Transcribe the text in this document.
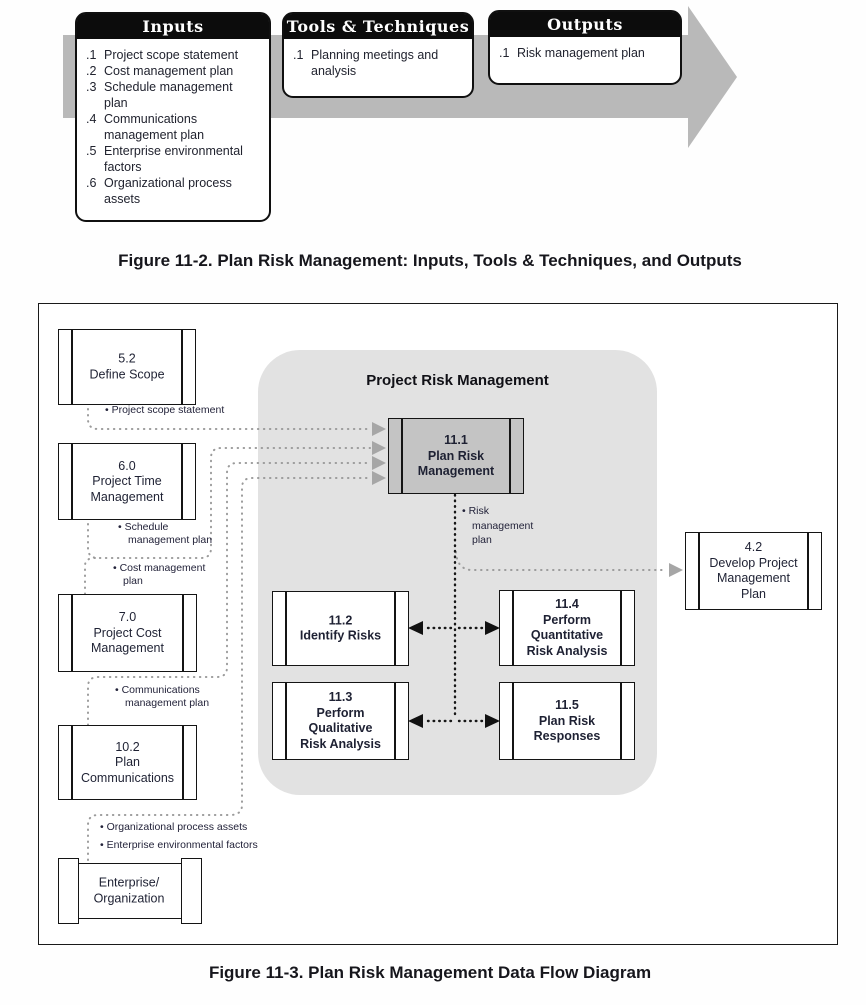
Inputs
.1 Project scope statement
.2 Cost management plan
.3 Schedule management plan
.4 Communications management plan
.5 Enterprise environmental factors
.6 Organizational process assets
Tools & Techniques
.1 Planning meetings and analysis
Outputs
.1 Risk management plan
Figure 11-2. Plan Risk Management: Inputs, Tools & Techniques, and Outputs
Project Risk Management
5.2
Define Scope
6.0
Project Time
Management
7.0
Project Cost
Management
10.2
Plan
Communications
Enterprise/
Organization
11.1
Plan Risk
Management
11.2
Identify Risks
11.4
Perform
Quantitative
Risk Analysis
11.3
Perform
Qualitative
Risk Analysis
11.5
Plan Risk
Responses
4.2
Develop Project
Management
Plan
• Project scope statement
• Schedule
management plan
• Cost management
plan
• Communications
management plan
• Organizational process assets
• Enterprise environmental factors
• Risk
management
plan
Figure 11-3. Plan Risk Management Data Flow Diagram
